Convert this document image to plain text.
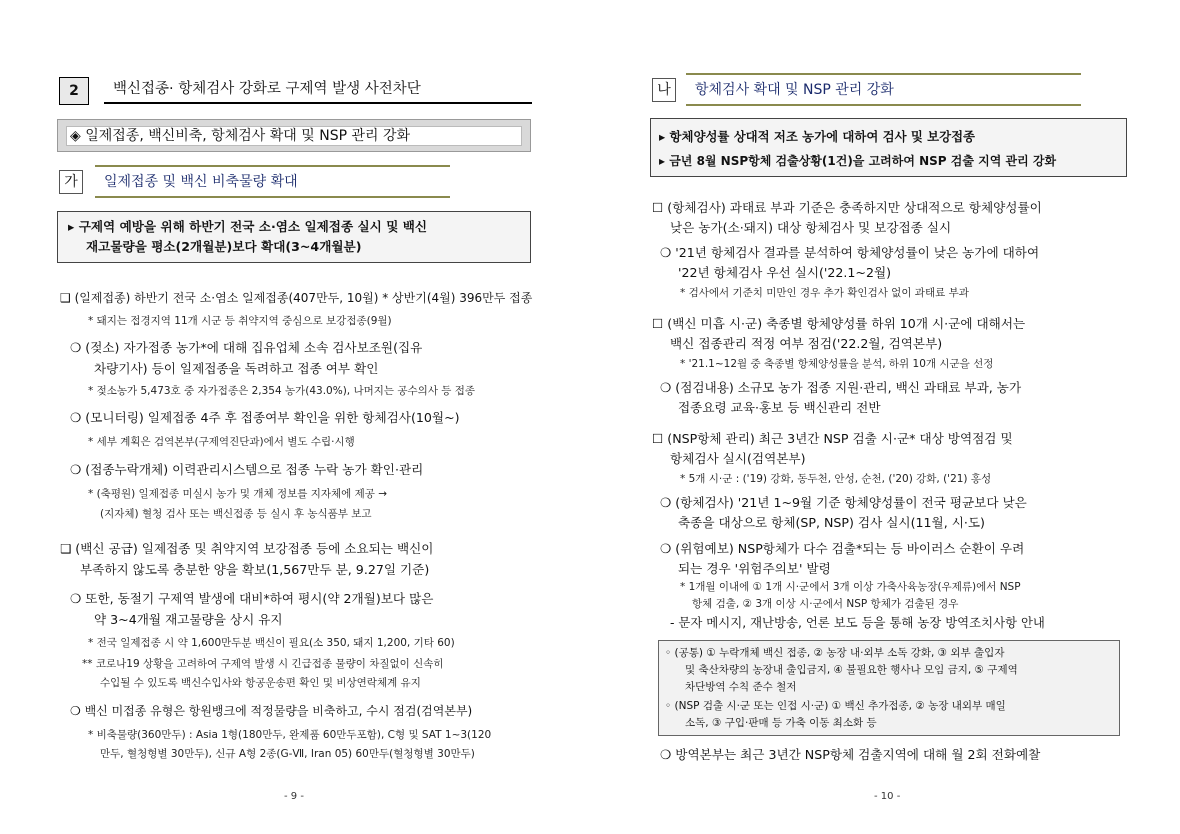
2	백신접종· 항체검사 강화로 구제역 발생 사전차단
◈ 일제접종, 백신비축, 항체검사 확대 및 NSP 관리 강화
가	일제접종 및 백신 비축물량 확대
▸ 구제역 예방을 위해 하반기 전국 소·염소 일제접종 실시 및 백신
재고물량을 평소(2개월분)보다 확대(3~4개월분)
❑ (일제접종) 하반기 전국 소·염소 일제접종(407만두, 10월) * 상반기(4월) 396만두 접종
* 돼지는 접경지역 11개 시군 등 취약지역 중심으로 보강접종(9월)
❍ (젖소) 자가접종 농가*에 대해 집유업체 소속 검사보조원(집유
차량기사) 등이 일제접종을 독려하고 접종 여부 확인
* 젖소농가 5,473호 중 자가접종은 2,354 농가(43.0%), 나머지는 공수의사 등 접종
❍ (모니터링) 일제접종 4주 후 접종여부 확인을 위한 항체검사(10월~)
* 세부 계획은 검역본부(구제역진단과)에서 별도 수립·시행
❍ (접종누락개체) 이력관리시스템으로 접종 누락 농가 확인·관리
* (축평원) 일제접종 미실시 농가 및 개체 정보를 지자체에 제공 →
(지자체) 혈청 검사 또는 백신접종 등 실시 후 농식품부 보고
❑ (백신 공급) 일제접종 및 취약지역 보강접종 등에 소요되는 백신이
부족하지 않도록 충분한 양을 확보(1,567만두 분, 9.27일 기준)
❍ 또한, 동절기 구제역 발생에 대비*하여 평시(약 2개월)보다 많은
약 3~4개월 재고물량을 상시 유지
* 전국 일제접종 시 약 1,600만두분 백신이 필요(소 350, 돼지 1,200, 기타 60)
** 코로나19 상황을 고려하여 구제역 발생 시 긴급접종 물량이 차질없이 신속히
수입될 수 있도록 백신수입사와 항공운송편 확인 및 비상연락체계 유지
❍ 백신 미접종 유형은 항원뱅크에 적정물량을 비축하고, 수시 점검(검역본부)
* 비축물량(360만두) : Asia 1형(180만두, 완제품 60만두포함), C형 및 SAT 1~3(120
만두, 혈청형별 30만두), 신규 A형 2종(G-Ⅶ, Iran 05) 60만두(혈청형별 30만두)
- 9 -
나	항체검사 확대 및 NSP 관리 강화
▸ 항체양성률 상대적 저조 농가에 대하여 검사 및 보강접종
▸ 금년 8월 NSP항체 검출상황(1건)을 고려하여 NSP 검출 지역 관리 강화
☐ (항체검사) 과태료 부과 기준은 충족하지만 상대적으로 항체양성률이
낮은 농가(소·돼지) 대상 항체검사 및 보강접종 실시
❍ '21년 항체검사 결과를 분석하여 항체양성률이 낮은 농가에 대하여
'22년 항체검사 우선 실시('22.1~2월)
* 검사에서 기준치 미만인 경우 추가 확인검사 없이 과태료 부과
☐ (백신 미흡 시·군) 축종별 항체양성률 하위 10개 시·군에 대해서는
백신 접종관리 적정 여부 점검('22.2월, 검역본부)
* '21.1~12월 중 축종별 항체양성률을 분석, 하위 10개 시군을 선정
❍ (점검내용) 소규모 농가 접종 지원·관리, 백신 과태료 부과, 농가
접종요령 교육·홍보 등 백신관리 전반
☐ (NSP항체 관리) 최근 3년간 NSP 검출 시·군* 대상 방역점검 및
항체검사 실시(검역본부)
* 5개 시·군 : ('19) 강화, 동두천, 안성, 순천, ('20) 강화, ('21) 홍성
❍ (항체검사) '21년 1~9월 기준 항체양성률이 전국 평균보다 낮은
축종을 대상으로 항체(SP, NSP) 검사 실시(11월, 시·도)
❍ (위험예보) NSP항체가 다수 검출*되는 등 바이러스 순환이 우려
되는 경우 '위험주의보' 발령
* 1개월 이내에 ① 1개 시·군에서 3개 이상 가축사육농장(우제류)에서 NSP
항체 검출, ② 3개 이상 시·군에서 NSP 항체가 검출된 경우
- 문자 메시지, 재난방송, 언론 보도 등을 통해 농장 방역조치사항 안내
◦ (공통) ① 누락개체 백신 접종, ② 농장 내·외부 소독 강화, ③ 외부 출입자
및 축산차량의 농장내 출입금지, ④ 불필요한 행사나 모임 금지, ⑤ 구제역
차단방역 수칙 준수 철저
◦ (NSP 검출 시·군 또는 인접 시·군) ① 백신 추가접종, ② 농장 내외부 매일
소독, ③ 구입·판매 등 가축 이동 최소화 등
❍ 방역본부는 최근 3년간 NSP항체 검출지역에 대해 월 2회 전화예찰
- 10 -
